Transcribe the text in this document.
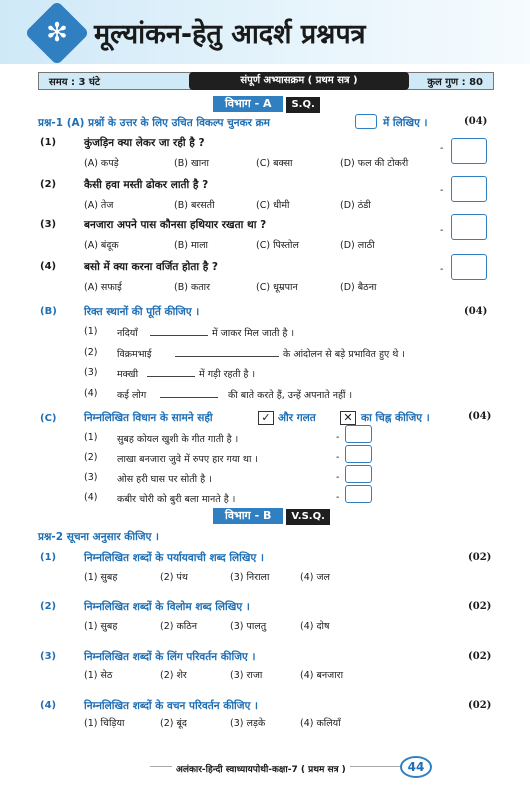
✻ मूल्यांकन-हेतु आदर्श प्रश्नपत्र
समय : 3 घंटे	संपूर्ण अभ्यासक्रम ( प्रथम सत्र )	कुल गुण : 80
विभाग - A S.Q.
प्रश्न-1 (A) प्रश्नों के उत्तर के लिए उचित विकल्प चुनकर क्रम	में लिखिए ।	(04)
(1)	कुंजड़िन क्या लेकर जा रही है ?
(A) कपड़े	(B) खाना	(C) बक्सा	(D) फल की टोकरी
-
(2)	कैसी हवा मस्ती ढोकर लाती है ?
(A) तेज	(B) बरसती	(C) धीमी	(D) ठंडी
-
(3)	बनजारा अपने पास कौनसा हथियार रखता था ?
(A) बंदूक	(B) माला	(C) पिस्तोल	(D) लाठी
-
(4)	बसो में क्या करना वर्जित होता है ?
(A) सफाई	(B) कतार	(C) धूम्रपान	(D) बैठना
-
(B)	रिक्त स्थानों की पूर्ति कीजिए ।	(04)
(1) नदियाँ	में जाकर मिल जाती है ।
(2) विक्रमभाई	के आंदोलन से बड़े प्रभावित हुए थे ।
(3) मक्खी	में गड़ी रहती है ।
(4) कई लोग	की बाते करते हैं, उन्हें अपनाते नहीं ।
(C)	निम्नलिखित विधान के सामने सही	✓ और गलत	✕ का चिह्न कीजिए ।	(04)
(1) सुबह कोयल खुशी के गीत गाती है ।	-
(2) लाखा बनजारा जुवे में रुपए हार गया था ।	-
(3) ओस हरी घास पर सोती है ।	-
(4) कबीर चोरी को बुरी बला मानते है ।	-
विभाग - B V.S.Q.
प्रश्न-2 सूचना अनुसार कीजिए ।
(1)	निम्नलिखित शब्दों के पर्यायवाची शब्द लिखिए ।	(02)
(1) सुबह	(2) पंथ	(3) निराला	(4) जल
(2)	निम्नलिखित शब्दों के विलोम शब्द लिखिए ।	(02)
(1) सुबह	(2) कठिन	(3) पालतु	(4) दोष
(3)	निम्नलिखित शब्दों के लिंग परिवर्तन कीजिए ।	(02)
(1) सेठ	(2) शेर	(3) राजा	(4) बनजारा
(4)	निम्नलिखित शब्दों के वचन परिवर्तन कीजिए ।	(02)
(1) चिड़िया	(2) बूंद	(3) लड़के	(4) कलियाँ
अलंकार-हिन्दी स्वाध्यायपोथी-कक्षा-7 ( प्रथम सत्र )	44
